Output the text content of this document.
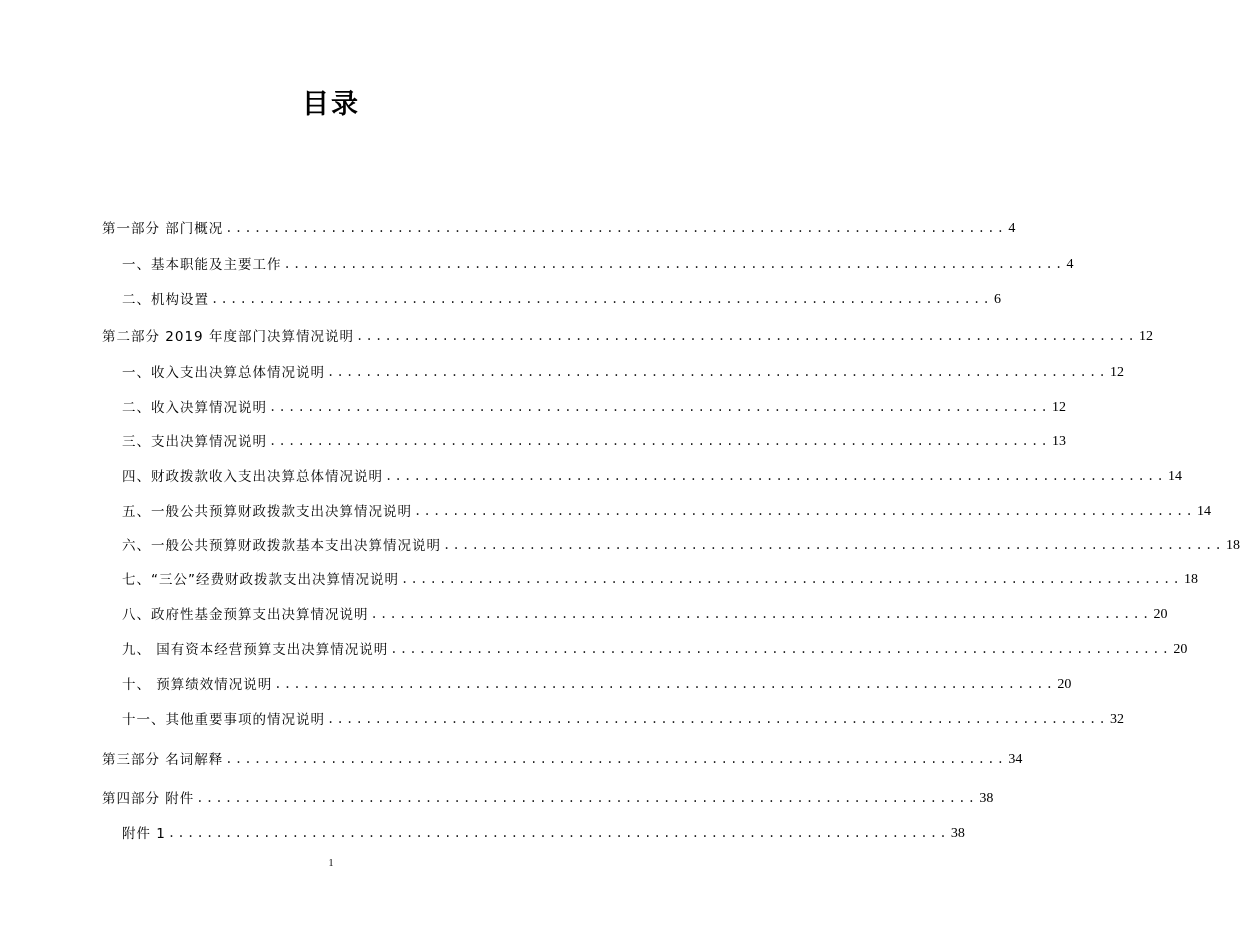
目录
第一部分 部门概况 .................................................................................. 4
一、基本职能及主要工作 .................................................................................. 4
二、机构设置 .................................................................................. 6
第二部分 2019 年度部门决算情况说明 .................................................................................. 12
一、收入支出决算总体情况说明 .................................................................................. 12
二、收入决算情况说明 .................................................................................. 12
三、支出决算情况说明 .................................................................................. 13
四、财政拨款收入支出决算总体情况说明 .................................................................................. 14
五、一般公共预算财政拨款支出决算情况说明 .................................................................................. 14
六、一般公共预算财政拨款基本支出决算情况说明 .................................................................................. 18
七、“三公”经费财政拨款支出决算情况说明 .................................................................................. 18
八、政府性基金预算支出决算情况说明 .................................................................................. 20
九、 国有资本经营预算支出决算情况说明 .................................................................................. 20
十、 预算绩效情况说明 .................................................................................. 20
十一、其他重要事项的情况说明 .................................................................................. 32
第三部分 名词解释 .................................................................................. 34
第四部分 附件 .................................................................................. 38
附件 1 .................................................................................. 38
1
